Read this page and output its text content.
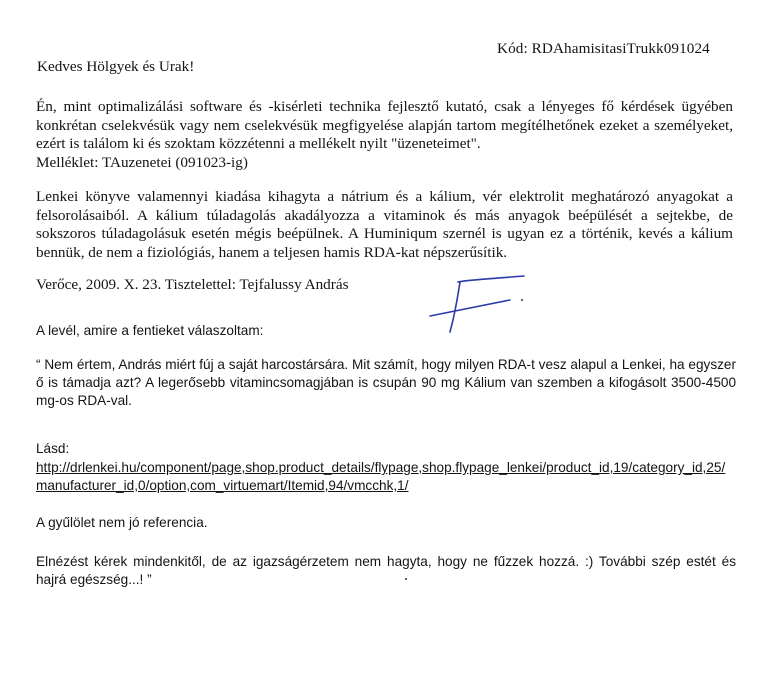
Kód: RDAhamisitasiTrukk091024
Kedves Hölgyek és Urak!

Én, mint optimalizálási software és -kisérleti technika fejlesztő kutató, csak a lényeges fő kérdések ügyében konkrétan cselekvésük vagy nem cselekvésük megfigyelése alapján tartom megítélhetőnek ezeket a személyeket, ezért is találom ki és szoktam közzétenni a mellékelt nyilt "üzeneteimet".

Melléklet: TAuzenetei (091023-ig)

Lenkei könyve valamennyi kiadása kihagyta a nátrium és a kálium, vér elektrolit meghatározó anyagokat a felsorolásaiból. A kálium túladagolás akadályozza a vitaminok és más anyagok beépülését a sejtekbe, de sokszoros túladagolásuk esetén mégis beépülnek. A Huminiqum szernél is ugyan ez a történik, kevés a kálium bennük, de nem a fiziológiás, hanem a teljesen hamis RDA-kat népszerűsítik.
Verőce, 2009. X. 23. Tisztelettel: Tejfalussy András
A levél, amire a fentieket válaszoltam:
“ Nem értem, András miért fúj a saját harcostársára. Mit számít, hogy milyen RDA-t vesz alapul a Lenkei, ha egyszer ő is támadja azt? A legerősebb vitamincsomagjában is csupán 90 mg Kálium van szemben a kifogásolt 3500-4500 mg-os RDA-val.
Lásd:
http://drlenkei.hu/component/page,shop.product_details/flypage,shop.flypage_lenkei/product_id,19/category_id,25/manufacturer_id,0/option,com_virtuemart/Itemid,94/vmcchk,1/
A gyűlölet nem jó referencia.
Elnézést kérek mindenkitől, de az igazságérzetem nem hagyta, hogy ne fűzzek hozzá. :) További szép estét és hajrá egészség...! ”
